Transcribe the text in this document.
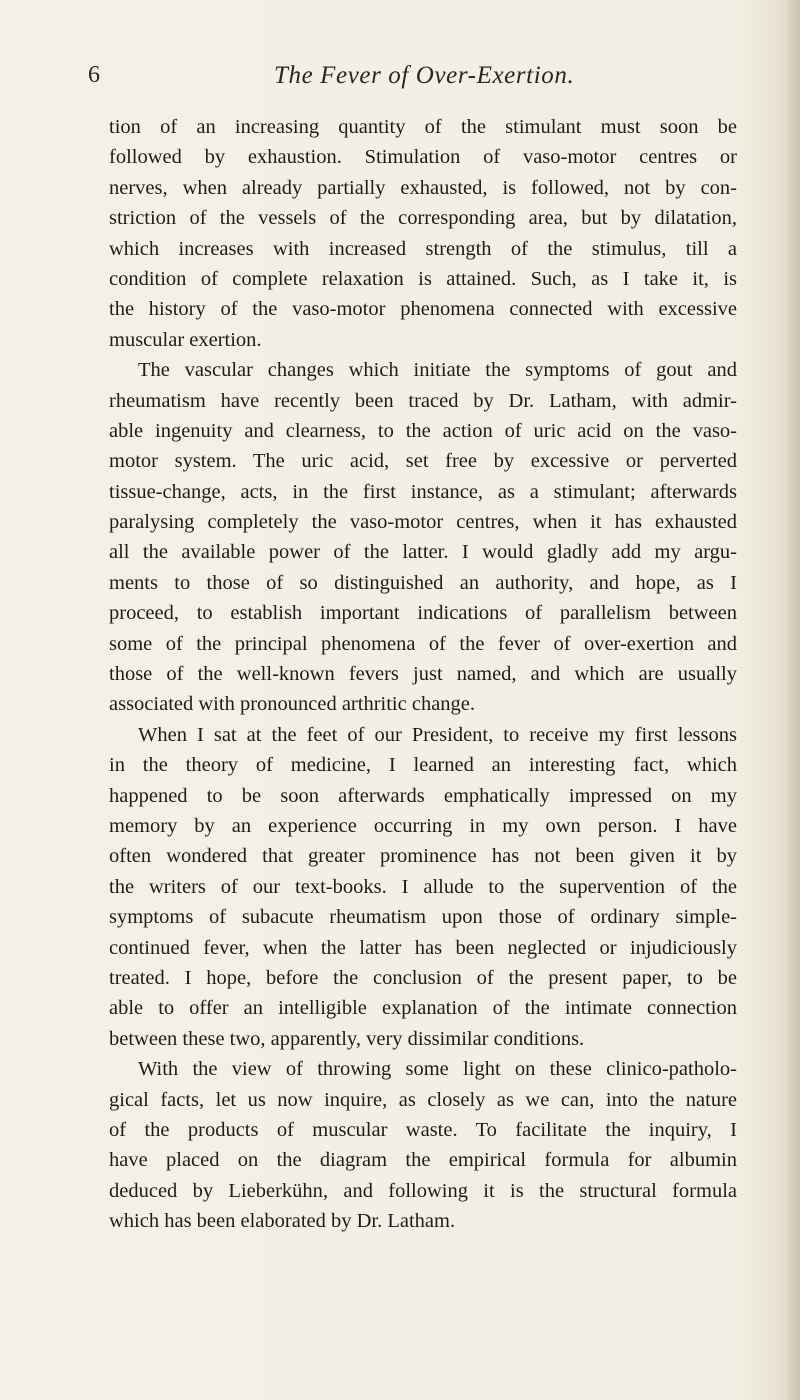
6	The Fever of Over-Exertion.
tion of an increasing quantity of the stimulant must soon be
followed by exhaustion. Stimulation of vaso-motor centres or
nerves, when already partially exhausted, is followed, not by con-
striction of the vessels of the corresponding area, but by dilatation,
which increases with increased strength of the stimulus, till a
condition of complete relaxation is attained. Such, as I take it, is
the history of the vaso-motor phenomena connected with excessive
muscular exertion.
The vascular changes which initiate the symptoms of gout and
rheumatism have recently been traced by Dr. Latham, with admir-
able ingenuity and clearness, to the action of uric acid on the vaso-
motor system. The uric acid, set free by excessive or perverted
tissue-change, acts, in the first instance, as a stimulant; afterwards
paralysing completely the vaso-motor centres, when it has exhausted
all the available power of the latter. I would gladly add my argu-
ments to those of so distinguished an authority, and hope, as I
proceed, to establish important indications of parallelism between
some of the principal phenomena of the fever of over-exertion and
those of the well-known fevers just named, and which are usually
associated with pronounced arthritic change.
When I sat at the feet of our President, to receive my first lessons
in the theory of medicine, I learned an interesting fact, which
happened to be soon afterwards emphatically impressed on my
memory by an experience occurring in my own person. I have
often wondered that greater prominence has not been given it by
the writers of our text-books. I allude to the supervention of the
symptoms of subacute rheumatism upon those of ordinary simple-
continued fever, when the latter has been neglected or injudiciously
treated. I hope, before the conclusion of the present paper, to be
able to offer an intelligible explanation of the intimate connection
between these two, apparently, very dissimilar conditions.
With the view of throwing some light on these clinico-patholo-
gical facts, let us now inquire, as closely as we can, into the nature
of the products of muscular waste. To facilitate the inquiry, I
have placed on the diagram the empirical formula for albumin
deduced by Lieberkühn, and following it is the structural formula
which has been elaborated by Dr. Latham.
